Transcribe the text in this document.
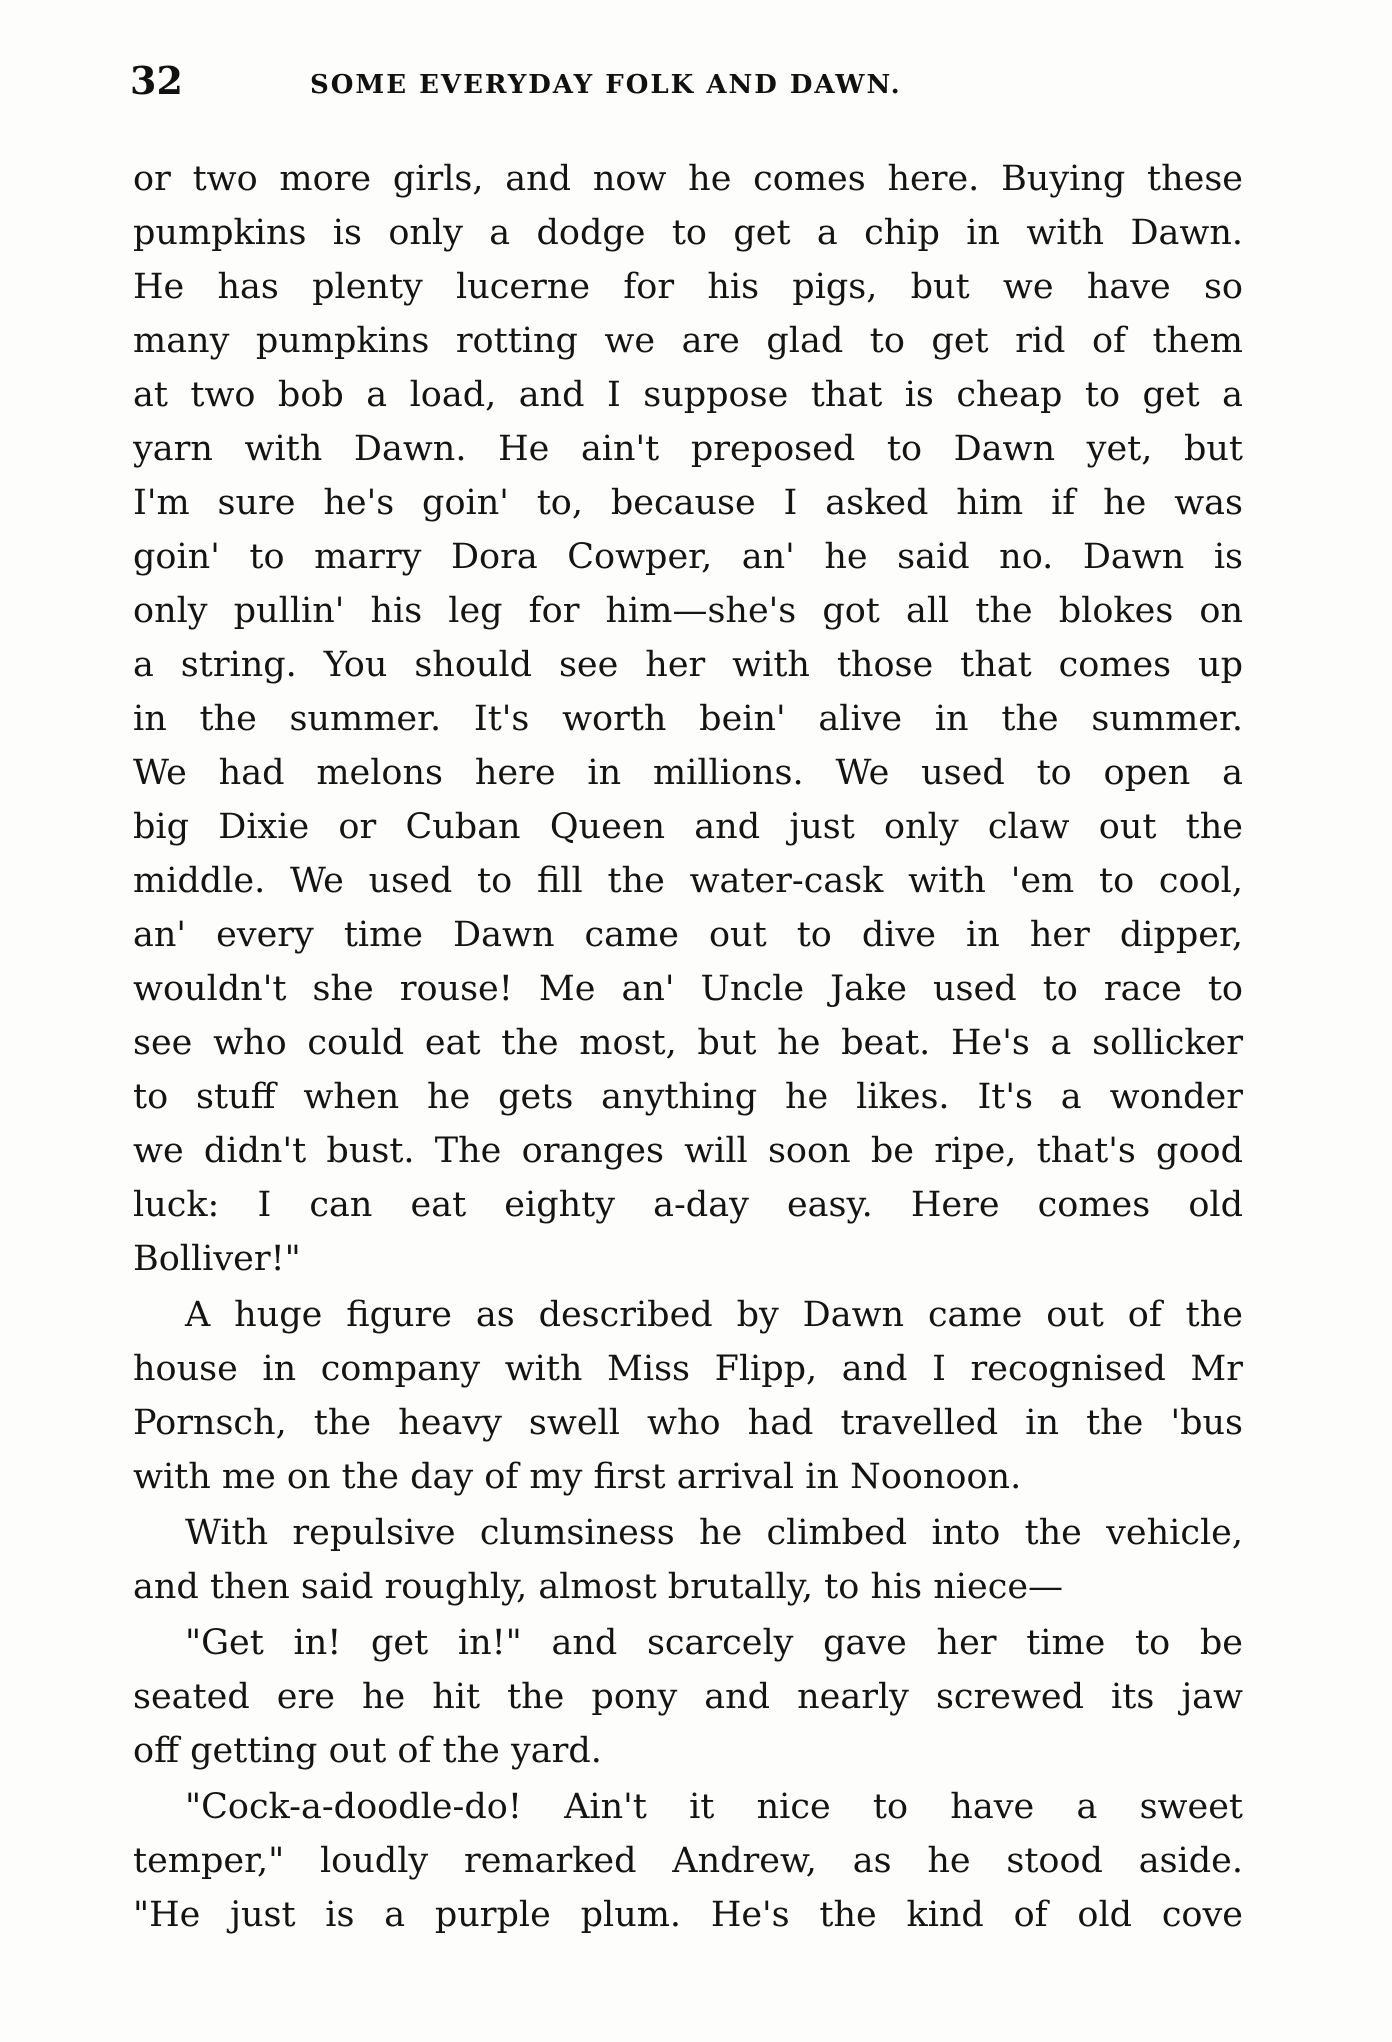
32	SOME EVERYDAY FOLK AND DAWN.
or two more girls, and now he comes here. Buying these
pumpkins is only a dodge to get a chip in with Dawn.
He has plenty lucerne for his pigs, but we have so
many pumpkins rotting we are glad to get rid of them
at two bob a load, and I suppose that is cheap to get a
yarn with Dawn. He ain't preposed to Dawn yet, but
I'm sure he's goin' to, because I asked him if he was
goin' to marry Dora Cowper, an' he said no. Dawn is
only pullin' his leg for him—she's got all the blokes on
a string. You should see her with those that comes up
in the summer. It's worth bein' alive in the summer.
We had melons here in millions. We used to open a
big Dixie or Cuban Queen and just only claw out the
middle. We used to fill the water-cask with 'em to cool,
an' every time Dawn came out to dive in her dipper,
wouldn't she rouse! Me an' Uncle Jake used to race to
see who could eat the most, but he beat. He's a sollicker
to stuff when he gets anything he likes. It's a wonder
we didn't bust. The oranges will soon be ripe, that's good
luck: I can eat eighty a-day easy. Here comes old
Bolliver!"
A huge figure as described by Dawn came out of the
house in company with Miss Flipp, and I recognised Mr
Pornsch, the heavy swell who had travelled in the 'bus
with me on the day of my first arrival in Noonoon.
With repulsive clumsiness he climbed into the vehicle,
and then said roughly, almost brutally, to his niece—
"Get in! get in!" and scarcely gave her time to be
seated ere he hit the pony and nearly screwed its jaw
off getting out of the yard.
"Cock-a-doodle-do! Ain't it nice to have a sweet
temper," loudly remarked Andrew, as he stood aside.
"He just is a purple plum. He's the kind of old cove
